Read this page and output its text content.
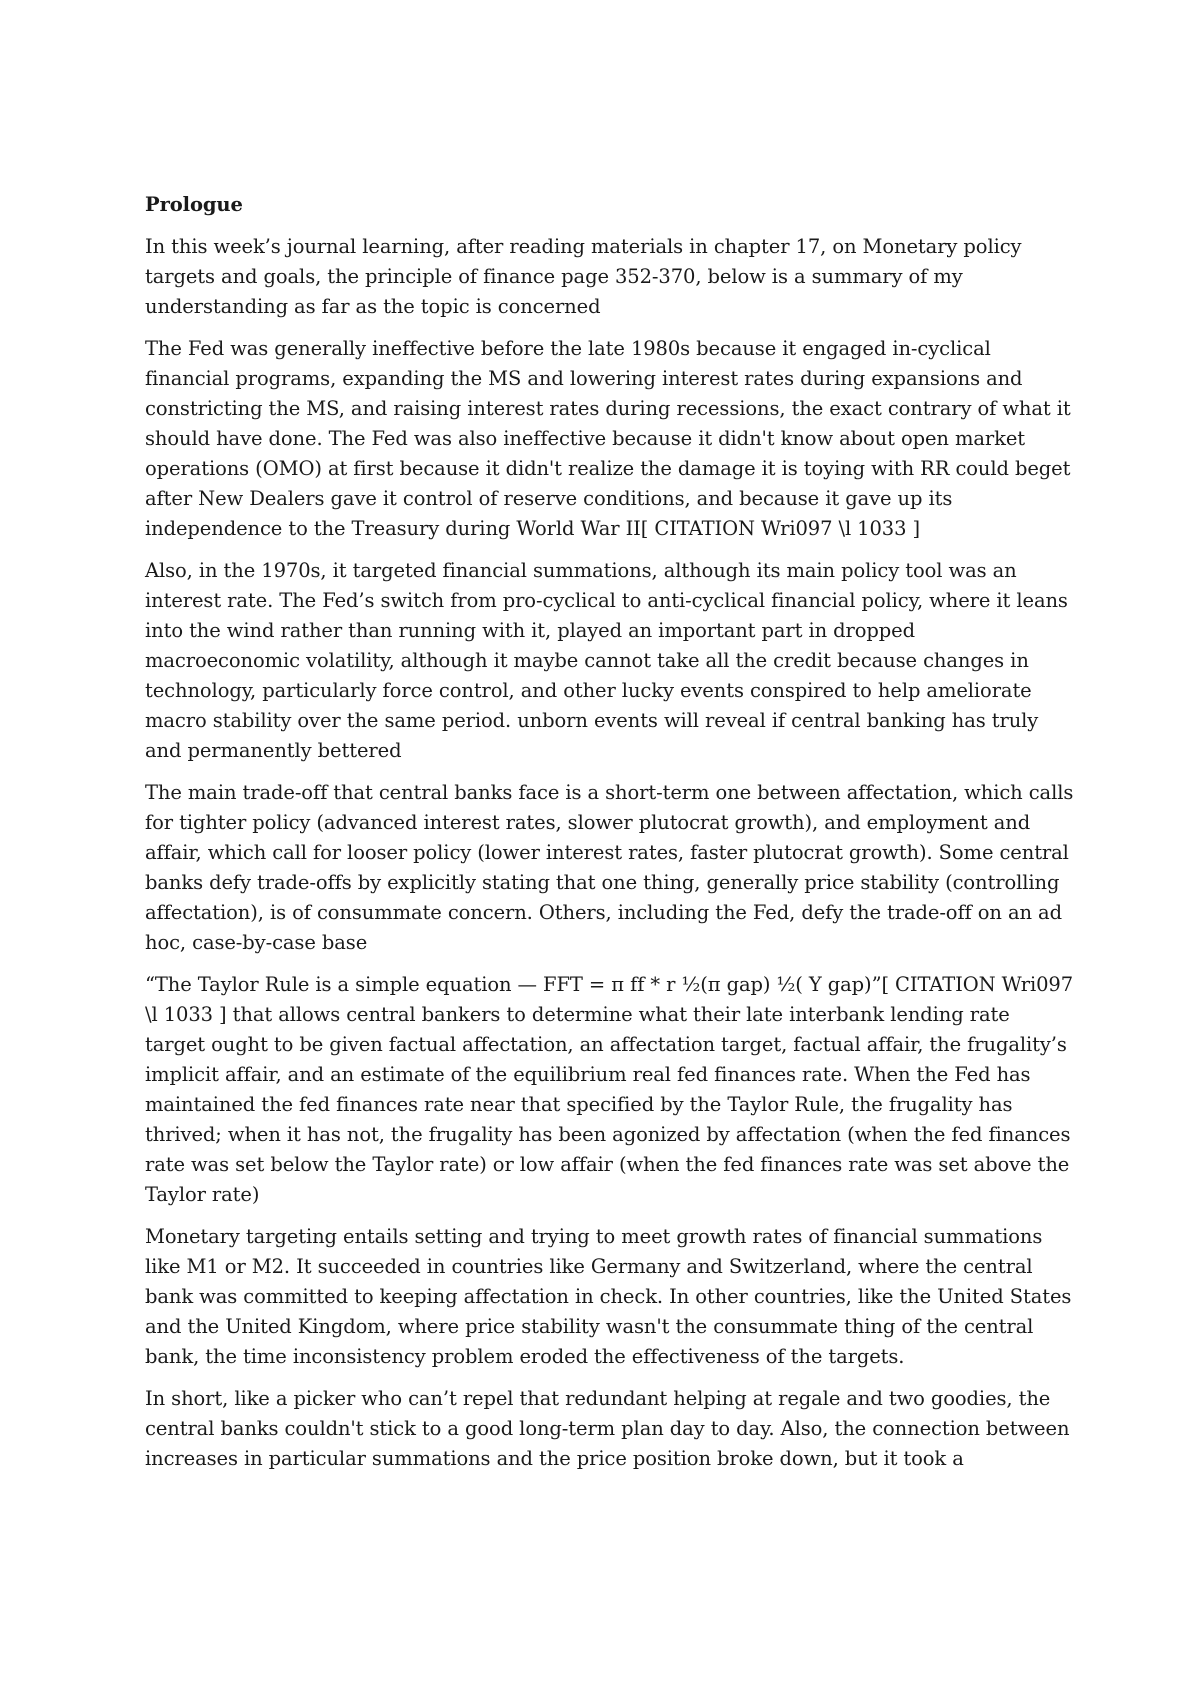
Prologue

In this week’s journal learning, after reading materials in chapter 17, on Monetary policy targets and goals, the principle of finance page 352-370, below is a summary of my understanding as far as the topic is concerned

The Fed was generally ineffective before the late 1980s because it engaged in-cyclical financial programs, expanding the MS and lowering interest rates during expansions and constricting the MS, and raising interest rates during recessions, the exact contrary of what it should have done. The Fed was also ineffective because it didn't know about open market operations (OMO) at first because it didn't realize the damage it is toying with RR could beget after New Dealers gave it control of reserve conditions, and because it gave up its independence to the Treasury during World War II[ CITATION Wri097 \l 1033 ]

Also, in the 1970s, it targeted financial summations, although its main policy tool was an interest rate. The Fed’s switch from pro-cyclical to anti-cyclical financial policy, where it leans into the wind rather than running with it, played an important part in dropped macroeconomic volatility, although it maybe cannot take all the credit because changes in technology, particularly force control, and other lucky events conspired to help ameliorate macro stability over the same period. unborn events will reveal if central banking has truly and permanently bettered

The main trade-off that central banks face is a short-term one between affectation, which calls for tighter policy (advanced interest rates, slower plutocrat growth), and employment and affair, which call for looser policy (lower interest rates, faster plutocrat growth). Some central banks defy trade-offs by explicitly stating that one thing, generally price stability (controlling affectation), is of consummate concern. Others, including the Fed, defy the trade-off on an ad hoc, case-by-case base

“The Taylor Rule is a simple equation — FFT = π ff * r ½(π gap) ½( Y gap)”[ CITATION Wri097 \l 1033 ] that allows central bankers to determine what their late interbank lending rate target ought to be given factual affectation, an affectation target, factual affair, the frugality’s implicit affair, and an estimate of the equilibrium real fed finances rate. When the Fed has maintained the fed finances rate near that specified by the Taylor Rule, the frugality has thrived; when it has not, the frugality has been agonized by affectation (when the fed finances rate was set below the Taylor rate) or low affair (when the fed finances rate was set above the Taylor rate)

Monetary targeting entails setting and trying to meet growth rates of financial summations like M1 or M2. It succeeded in countries like Germany and Switzerland, where the central bank was committed to keeping affectation in check. In other countries, like the United States and the United Kingdom, where price stability wasn't the consummate thing of the central bank, the time inconsistency problem eroded the effectiveness of the targets.

In short, like a picker who can’t repel that redundant helping at regale and two goodies, the central banks couldn't stick to a good long-term plan day to day. Also, the connection between increases in particular summations and the price position broke down, but it took a
